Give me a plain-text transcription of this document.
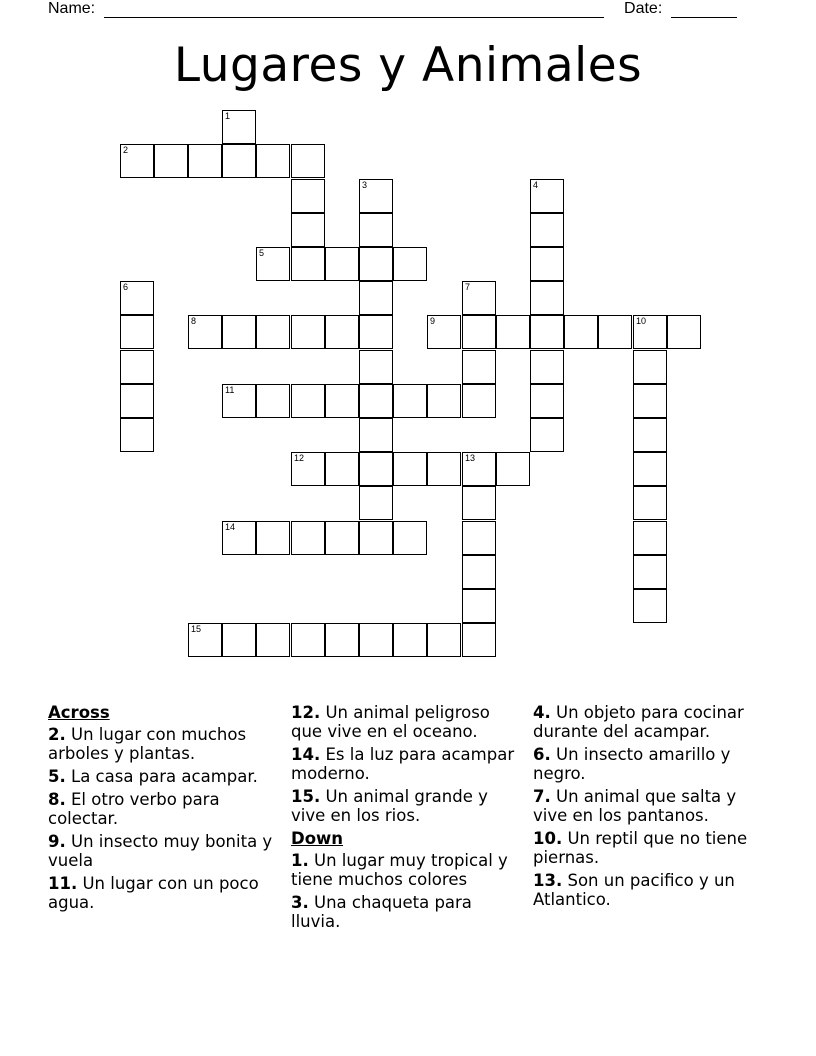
Name:	Date:
Lugares y Animales
1
2
3	4
5
6	7
8	9	10
11
12	13
14
15
Across
2. Un lugar con muchos arboles y plantas.
5. La casa para acampar.
8. El otro verbo para colectar.
9. Un insecto muy bonita y vuela
11. Un lugar con un poco agua.
12. Un animal peligroso que vive en el oceano.
14. Es la luz para acampar moderno.
15. Un animal grande y vive en los rios.
Down
1. Un lugar muy tropical y tiene muchos colores
3. Una chaqueta para lluvia.
4. Un objeto para cocinar durante del acampar.
6. Un insecto amarillo y negro.
7. Un animal que salta y vive en los pantanos.
10. Un reptil que no tiene piernas.
13. Son un pacifico y un Atlantico.
